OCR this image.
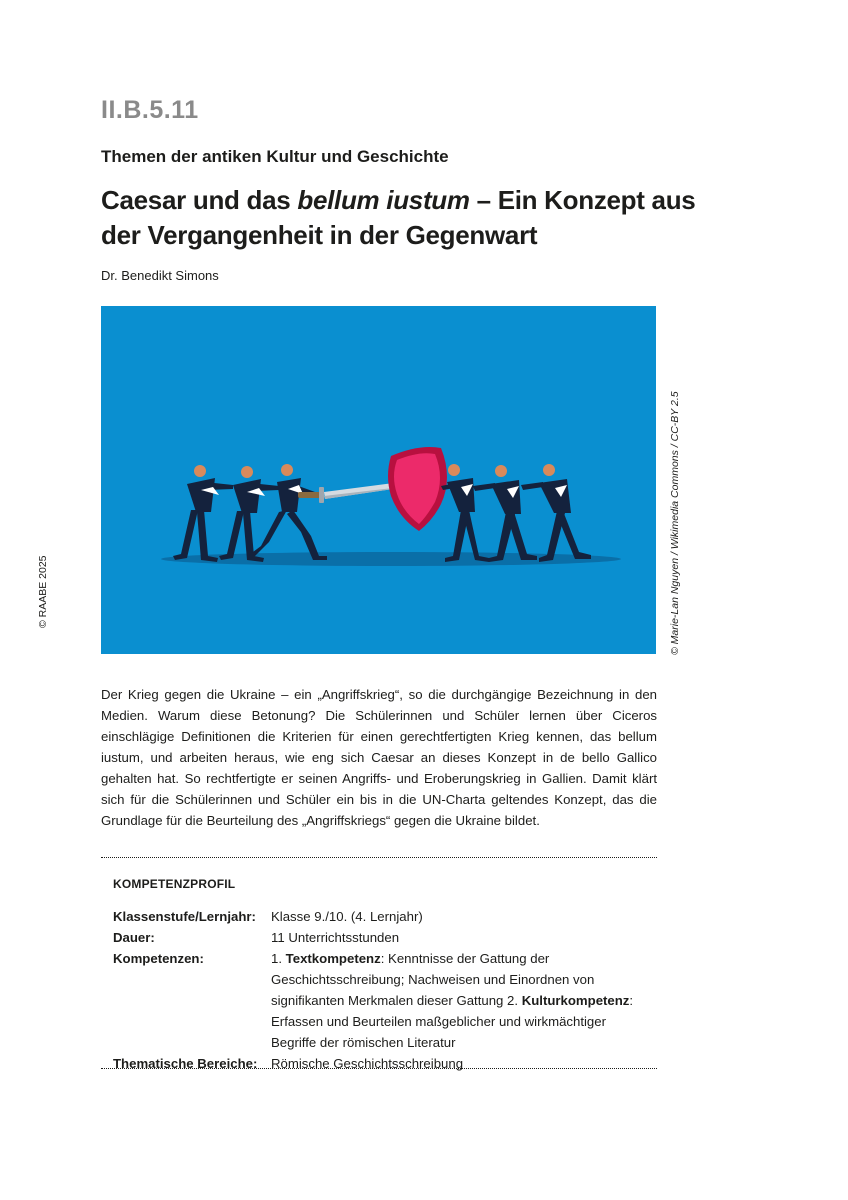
II.B.5.11
Themen der antiken Kultur und Geschichte
Caesar und das bellum iustum – Ein Konzept aus der Vergangenheit in der Gegenwart
Dr. Benedikt Simons
© Marie-Lan Nguyen / Wikimedia Commons / CC-BY 2.5
© RAABE 2025

Der Krieg gegen die Ukraine – ein „Angriffskrieg“, so die durchgängige Bezeichnung in den Medien. Warum diese Betonung? Die Schülerinnen und Schüler lernen über Ciceros einschlägige Definitionen die Kriterien für einen gerechtfertigten Krieg kennen, das bellum iustum, und arbeiten heraus, wie eng sich Caesar an dieses Konzept in de bello Gallico gehalten hat. So rechtfertigte er seinen Angriffs- und Eroberungskrieg in Gallien. Damit klärt sich für die Schülerinnen und Schüler ein bis in die UN-Charta geltendes Konzept, das die Grundlage für die Beurteilung des „Angriffskriegs“ gegen die Ukraine bildet.

KOMPETENZPROFIL
Klassenstufe/Lernjahr:	Klasse 9./10. (4. Lernjahr)
Dauer:	11 Unterrichtsstunden
Kompetenzen:	1. Textkompetenz: Kenntnisse der Gattung der Geschichtsschreibung; Nachweisen und Einordnen von signifikanten Merkmalen dieser Gattung 2. Kulturkompetenz: Erfassen und Beurteilen maßgeblicher und wirkmächtiger Begriffe der römischen Literatur
Thematische Bereiche:	Römische Geschichtsschreibung
